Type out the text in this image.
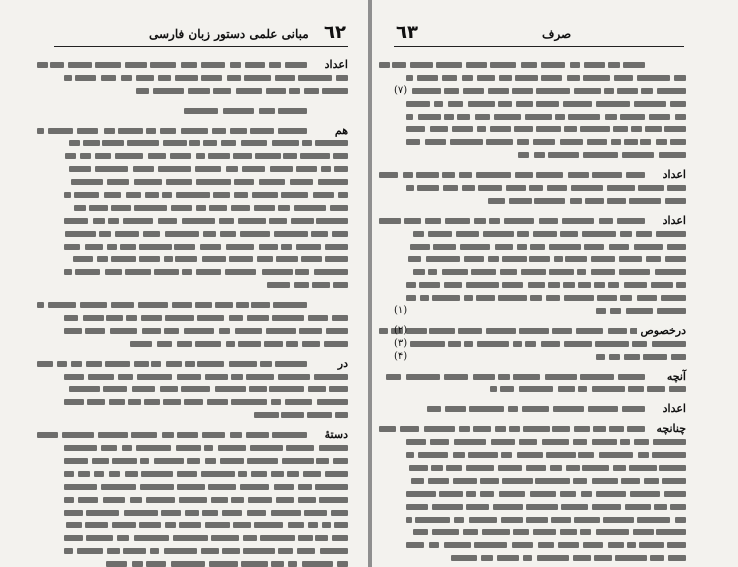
٦٢
مبانی علمی دستور زبان فارسی
اعداد
هم
در
دستهٔ
٦٣	صرف
(۷)
اعداد
اعداد
(۱)
درخصوص
(۲)
(۳)
(۴)
آنچه
اعداد
چنانچه
